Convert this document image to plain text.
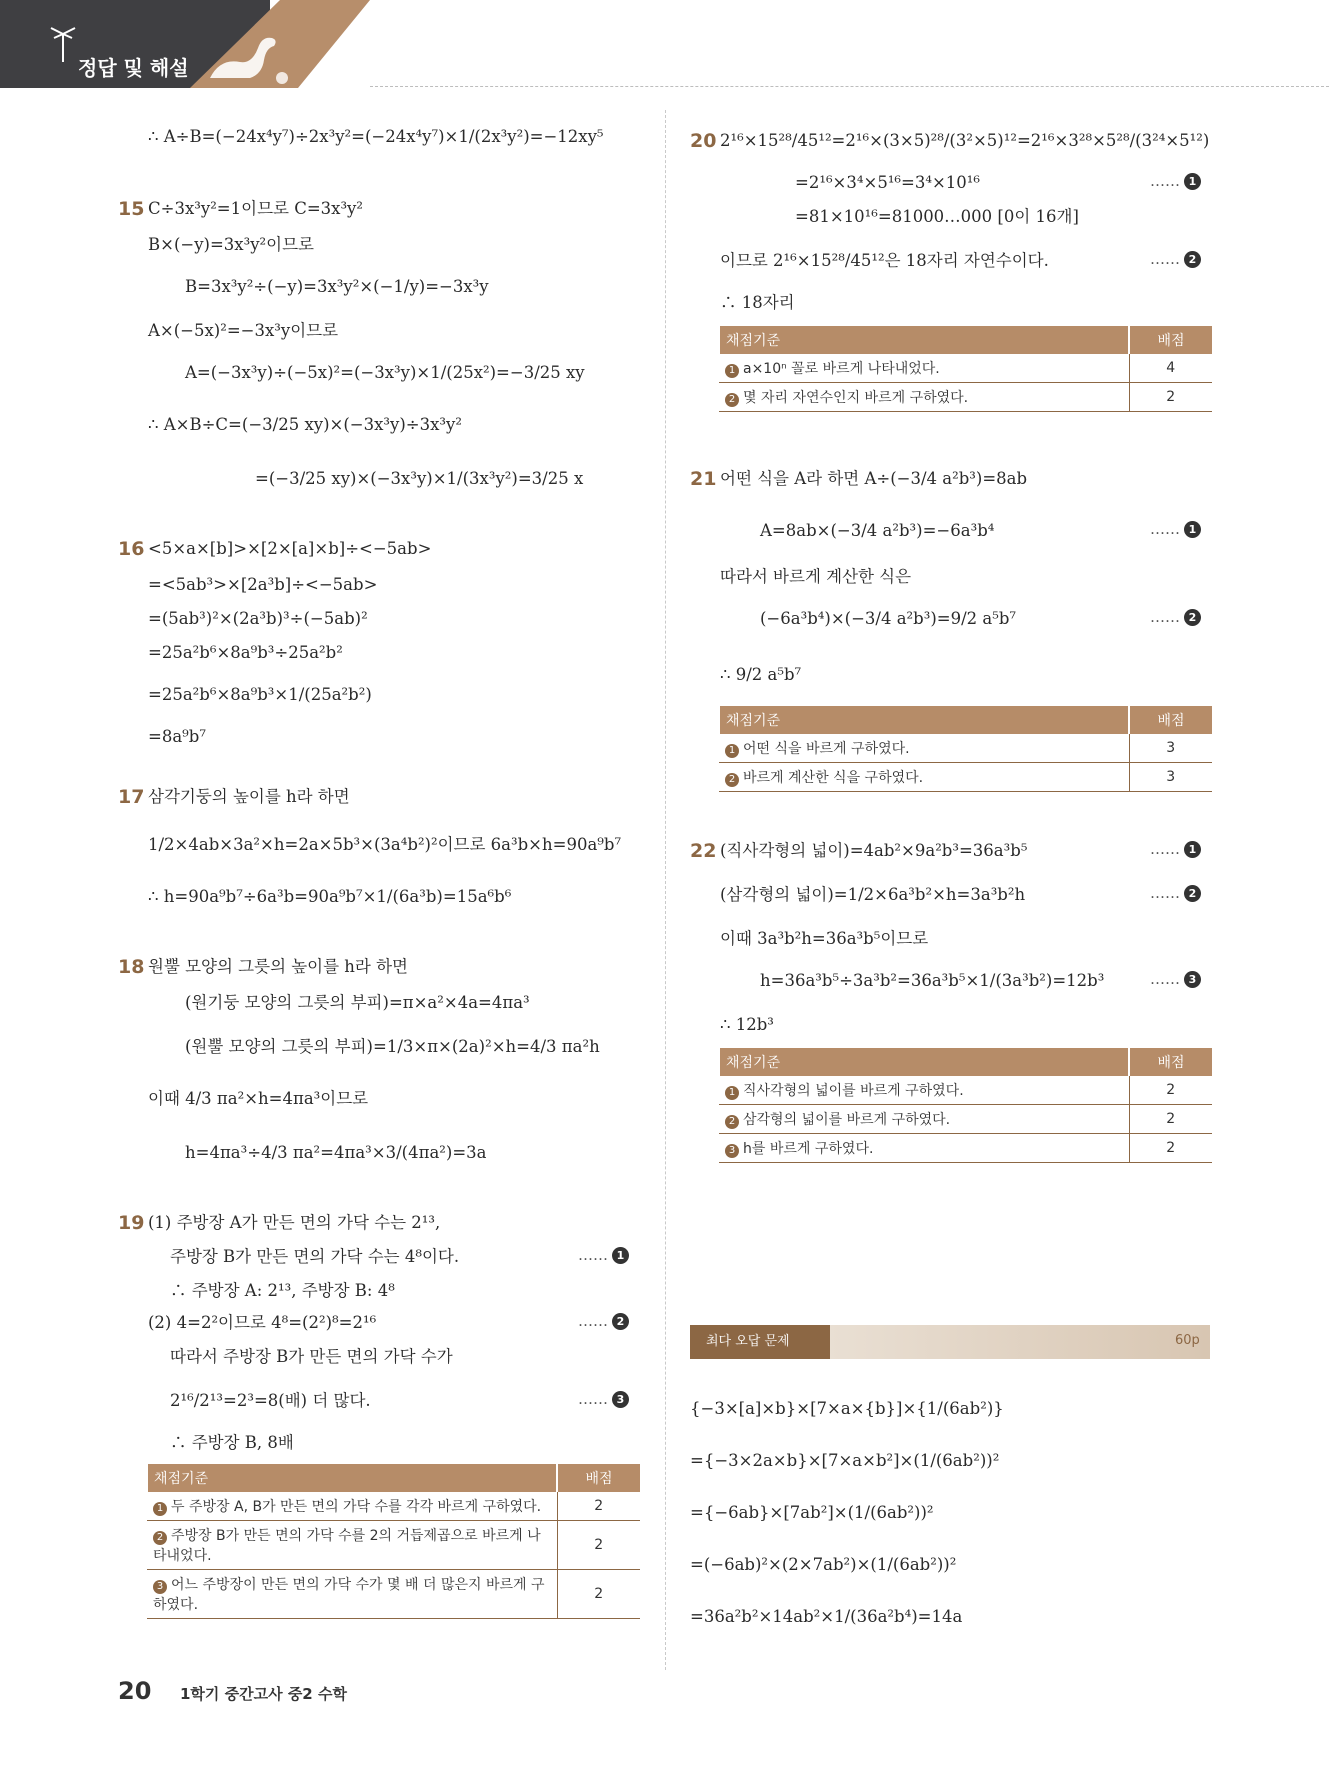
정답 및 해설
∴ A÷B=(−24x⁴y⁷)÷2x³y²=(−24x⁴y⁷)×1/(2x³y²)=−12xy⁵
15 C÷3x³y²=1이므로 C=3x³y²
B×(−y)=3x³y²이므로
B=3x³y²÷(−y)=3x³y²×(−1/y)=−3x³y
A×(−5x)²=−3x³y이므로
A=(−3x³y)÷(−5x)²=(−3x³y)×1/(25x²)=−3/25 xy
∴ A×B÷C=(−3/25 xy)×(−3x³y)÷3x³y²
=(−3/25 xy)×(−3x³y)×1/(3x³y²)=3/25 x
16 <5×a×[b]>×[2×[a]×b]÷<−5ab>
=<5ab³>×[2a³b]÷<−5ab>
=(5ab³)²×(2a³b)³÷(−5ab)²
=25a²b⁶×8a⁹b³÷25a²b²
=25a²b⁶×8a⁹b³×1/(25a²b²)
=8a⁹b⁷
17 삼각기둥의 높이를 h라 하면
1/2×4ab×3a²×h=2a×5b³×(3a⁴b²)²이므로 6a³b×h=90a⁹b⁷
∴ h=90a⁹b⁷÷6a³b=90a⁹b⁷×1/(6a³b)=15a⁶b⁶
18 원뿔 모양의 그릇의 높이를 h라 하면
(원기둥 모양의 그릇의 부피)=π×a²×4a=4πa³
(원뿔 모양의 그릇의 부피)=1/3×π×(2a)²×h=4/3 πa²h
이때 4/3 πa²×h=4πa³이므로
h=4πa³÷4/3 πa²=4πa³×3/(4πa²)=3a
19 (1) 주방장 A가 만든 면의 가닥 수는 2¹³,
주방장 B가 만든 면의 가닥 수는 4⁸이다.
∴ 주방장 A: 2¹³, 주방장 B: 4⁸
(2) 4=2²이므로 4⁸=(2²)⁸=2¹⁶
따라서 주방장 B가 만든 면의 가닥 수가
2¹⁶/2¹³=2³=8(배) 더 많다.
∴ 주방장 B, 8배
…… 1
…… 2
…… 3
채점기준	배점
1 두 주방장 A, B가 만든 면의 가닥 수를 각각 바르게 구하였다.	2
2 주방장 B가 만든 면의 가닥 수를 2의 거듭제곱으로 바르게 나타내었다.	2
3 어느 주방장이 만든 면의 가닥 수가 몇 배 더 많은지 바르게 구하였다.	2
20 2¹⁶×15²⁸/45¹²=2¹⁶×(3×5)²⁸/(3²×5)¹²=2¹⁶×3²⁸×5²⁸/(3²⁴×5¹²)
=2¹⁶×3⁴×5¹⁶=3⁴×10¹⁶
=81×10¹⁶=81000…000 [0이 16개]
이므로 2¹⁶×15²⁸/45¹²은 18자리 자연수이다.
∴ 18자리
…… 1
…… 2
채점기준	배점
1 a×10ⁿ 꼴로 바르게 나타내었다.	4
2 몇 자리 자연수인지 바르게 구하였다.	2
21 어떤 식을 A라 하면 A÷(−3/4 a²b³)=8ab
A=8ab×(−3/4 a²b³)=−6a³b⁴
따라서 바르게 계산한 식은
(−6a³b⁴)×(−3/4 a²b³)=9/2 a⁵b⁷
∴ 9/2 a⁵b⁷
…… 1
…… 2
채점기준	배점
1 어떤 식을 바르게 구하였다.	3
2 바르게 계산한 식을 구하였다.	3
22 (직사각형의 넓이)=4ab²×9a²b³=36a³b⁵
(삼각형의 넓이)=1/2×6a³b²×h=3a³b²h
이때 3a³b²h=36a³b⁵이므로
h=36a³b⁵÷3a³b²=36a³b⁵×1/(3a³b²)=12b³
∴ 12b³
…… 1
…… 2
…… 3
채점기준	배점
1 직사각형의 넓이를 바르게 구하였다.	2
2 삼각형의 넓이를 바르게 구하였다.	2
3 h를 바르게 구하였다.	2
최다 오답 문제	60p
{−3×[a]×b}×[7×a×{b}]×{1/(6ab²)}
={−3×2a×b}×[7×a×b²]×(1/(6ab²))²
={−6ab}×[7ab²]×(1/(6ab²))²
=(−6ab)²×(2×7ab²)×(1/(6ab²))²
=36a²b²×14ab²×1/(36a²b⁴)=14a
20 1학기 중간고사 중2 수학
